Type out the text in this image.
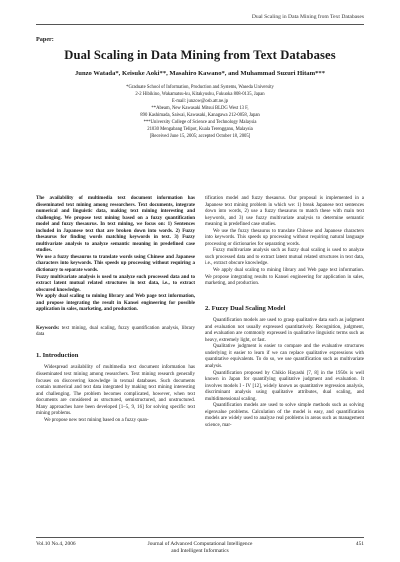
Dual Scaling in Data Mining from Text Databases
Paper:
Dual Scaling in Data Mining from Text Databases
Junzo Watada*, Keisuke Aoki**, Masahiro Kawano*, and Muhammad Suzuri Hitam***
*Graduate School of Information, Production and Systems, Waseda University
2-2 Hibikino, Wakamatsu-ku, Kitakyushu, Fukuoka 808-0135, Japan
E-mail: junzow@osb.att.ne.jp
**Abeam, New Kawasaki Mitsui BLDG West 13 F,
890 Kashimada, Saiwai, Kawasaki, Kanagawa 212-0058, Japan
***University College of Science and Technology Malaysia
21030 Mengabang Telipot, Kuala Terengganu, Malaysia
[Received June 15, 2005; accepted October 18, 2005]

The availability of multimedia text document information has disseminated text mining among researchers. Text documents, integrate numerical and linguistic data, making text mining interesting and challenging. We propose text mining based on a fuzzy quantification model and fuzzy thesaurus. In text mining, we focus on: 1) Sentences included in Japanese text that are broken down into words. 2) Fuzzy thesaurus for finding words matching keywords in text. 3) Fuzzy multivariate analysis to analyze semantic meaning in predefined case studies.

We use a fuzzy thesaurus to translate words using Chinese and Japanese characters into keywords. This speeds up processing without requiring a dictionary to separate words.

Fuzzy multivariate analysis is used to analyze such processed data and to extract latent mutual related structures in text data, i.e., to extract obscured knowledge.

We apply dual scaling to mining library and Web page text information, and propose integrating the result in Kansei engineering for possible application in sales, marketing, and production.

Keywords: text mining, dual scaling, fuzzy quantification analysis, library data

1. Introduction

Widespread availability of multimedia text document information has disseminated text mining among researchers. Text mining research generally focuses on discovering knowledge in textual databases. Such documents contain numerical and text data integrated by making text mining interesting and challenging. The problem becomes complicated, however, when text documents are considered as structured, semistructured, and unstructured. Many approaches have been developed [1–5, 9, 16] for solving specific text mining problems.

We propose new text mining based on a fuzzy quan-

tification model and fuzzy thesaurus. Our proposal is implemented in a Japanese text mining problem in which we: 1) break Japanese text sentences down into words, 2) use a fuzzy thesaurus to match these with main text keywords, and 3) use fuzzy multivariate analysis to determine semantic meaning in predefined case studies.

We use the fuzzy thesaurus to translate Chinese and Japanese characters into keywords. This speeds up processing without requiring natural language processing or dictionaries for separating words.

Fuzzy multivariate analysis such as fuzzy dual scaling is used to analyze such processed data and to extract latent mutual related structures in text data, i.e., extract obscure knowledge.

We apply dual scaling to mining library and Web page text information. We propose integrating results to Kansei engineering for application in sales, marketing, and production.

2. Fuzzy Dual Scaling Model

Quantification models are used to grasp qualitative data such as judgment and evaluation not usually expressed quantitatively. Recognition, judgment, and evaluation are commonly expressed in qualitative linguistic terms such as heavy, extremely light, or fast.

Qualitative judgment is easier to compare and the evaluative structures underlying it easier to learn if we can replace qualitative expressions with quantitative equivalents. To do so, we use quantification such as multivariate analysis.

Quantification proposed by Chikio Hayashi [7, 8] in the 1950s is well known in Japan for quantifying qualitative judgment and evaluation. It involves models I - IV [12], widely known as quantitative regression analysis, discriminant analysis using qualitative attributes, dual scaling, and multidimensional scaling.

Quantification models are used to solve simple methods such as solving eigenvalue problems. Calculation of the model is easy, and quantification models are widely used to analyze real problems in areas such as management science, mar-

Vol.10 No.4, 2006	Journal of Advanced Computational Intelligence
and Intelligent Informatics
451
